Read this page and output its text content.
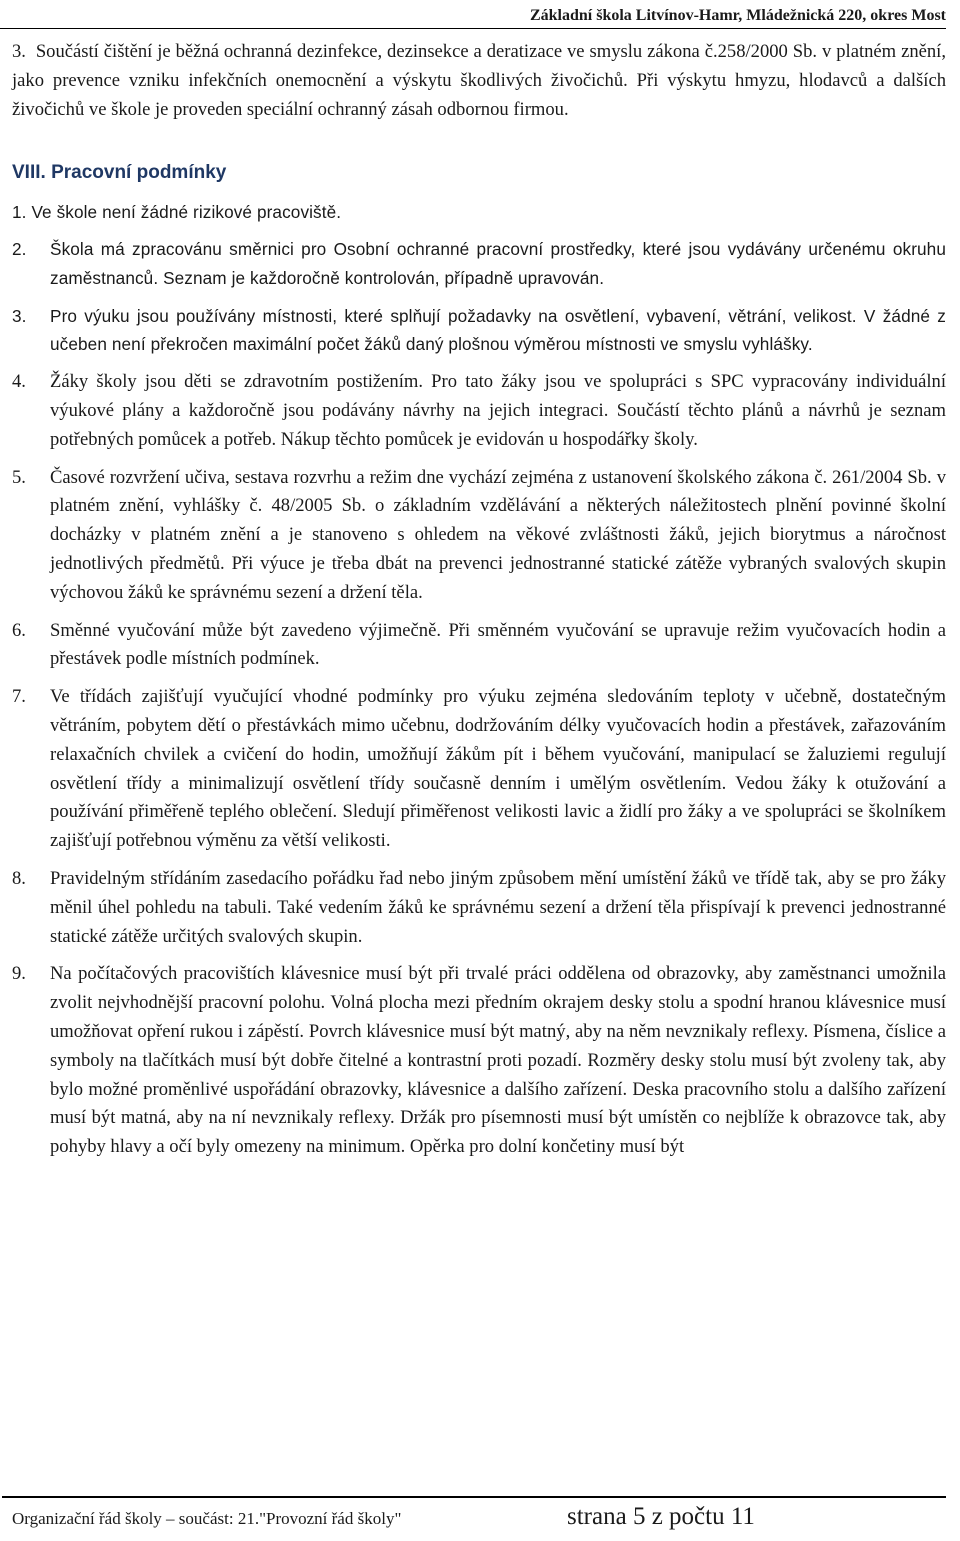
Základní škola Litvínov-Hamr, Mládežnická 220, okres Most
3. Součástí čištění je běžná ochranná dezinfekce, dezinsekce a deratizace ve smyslu zákona č.258/2000 Sb. v platném znění, jako prevence vzniku infekčních onemocnění a výskytu škodlivých živočichů. Při výskytu hmyzu, hlodavců a dalších živočichů ve škole je proveden speciální ochranný zásah odbornou firmou.
VIII. Pracovní podmínky
1. Ve škole není žádné rizikové pracoviště.
2. Škola má zpracovánu směrnici pro Osobní ochranné pracovní prostředky, které jsou vydávány určenému okruhu zaměstnanců. Seznam je každoročně kontrolován, případně upravován.
3. Pro výuku jsou používány místnosti, které splňují požadavky na osvětlení, vybavení, větrání, velikost. V žádné z učeben není překročen maximální počet žáků daný plošnou výměrou místnosti ve smyslu vyhlášky.
4. Žáky školy jsou děti se zdravotním postižením. Pro tato žáky jsou ve spolupráci s SPC vypracovány individuální výukové plány a každoročně jsou podávány návrhy na jejich integraci. Součástí těchto plánů a návrhů je seznam potřebných pomůcek a potřeb. Nákup těchto pomůcek je evidován u hospodářky školy.
5. Časové rozvržení učiva, sestava rozvrhu a režim dne vychází zejména z ustanovení školského zákona č. 261/2004 Sb. v platném znění, vyhlášky č. 48/2005 Sb. o základním vzdělávání a některých náležitostech plnění povinné školní docházky v platném znění a je stanoveno s ohledem na věkové zvláštnosti žáků, jejich biorytmus a náročnost jednotlivých předmětů. Při výuce je třeba dbát na prevenci jednostranné statické zátěže vybraných svalových skupin výchovou žáků ke správnému sezení a držení těla.
6. Směnné vyučování může být zavedeno výjimečně. Při směnném vyučování se upravuje režim vyučovacích hodin a přestávek podle místních podmínek.
7. Ve třídách zajišťují vyučující vhodné podmínky pro výuku zejména sledováním teploty v učebně, dostatečným větráním, pobytem dětí o přestávkách mimo učebnu, dodržováním délky vyučovacích hodin a přestávek, zařazováním relaxačních chvilek a cvičení do hodin, umožňují žákům pít i během vyučování, manipulací se žaluziemi regulují osvětlení třídy a minimalizují osvětlení třídy současně denním i umělým osvětlením. Vedou žáky k otužování a používání přiměřeně teplého oblečení. Sledují přiměřenost velikosti lavic a židlí pro žáky a ve spolupráci se školníkem zajišťují potřebnou výměnu za větší velikosti.
8. Pravidelným střídáním zasedacího pořádku řad nebo jiným způsobem mění umístění žáků ve třídě tak, aby se pro žáky měnil úhel pohledu na tabuli. Také vedením žáků ke správnému sezení a držení těla přispívají k prevenci jednostranné statické zátěže určitých svalových skupin.
9. Na počítačových pracovištích klávesnice musí být při trvalé práci oddělena od obrazovky, aby zaměstnanci umožnila zvolit nejvhodnější pracovní polohu. Volná plocha mezi předním okrajem desky stolu a spodní hranou klávesnice musí umožňovat opření rukou i zápěstí. Povrch klávesnice musí být matný, aby na něm nevznikaly reflexy. Písmena, číslice a symboly na tlačítkách musí být dobře čitelné a kontrastní proti pozadí. Rozměry desky stolu musí být zvoleny tak, aby bylo možné proměnlivé uspořádání obrazovky, klávesnice a dalšího zařízení. Deska pracovního stolu a dalšího zařízení musí být matná, aby na ní nevznikaly reflexy. Držák pro písemnosti musí být umístěn co nejblíže k obrazovce tak, aby pohyby hlavy a očí byly omezeny na minimum. Opěrka pro dolní končetiny musí být
Organizační řád školy – součást: 21."Provozní řád školy"	strana 5 z počtu 11
